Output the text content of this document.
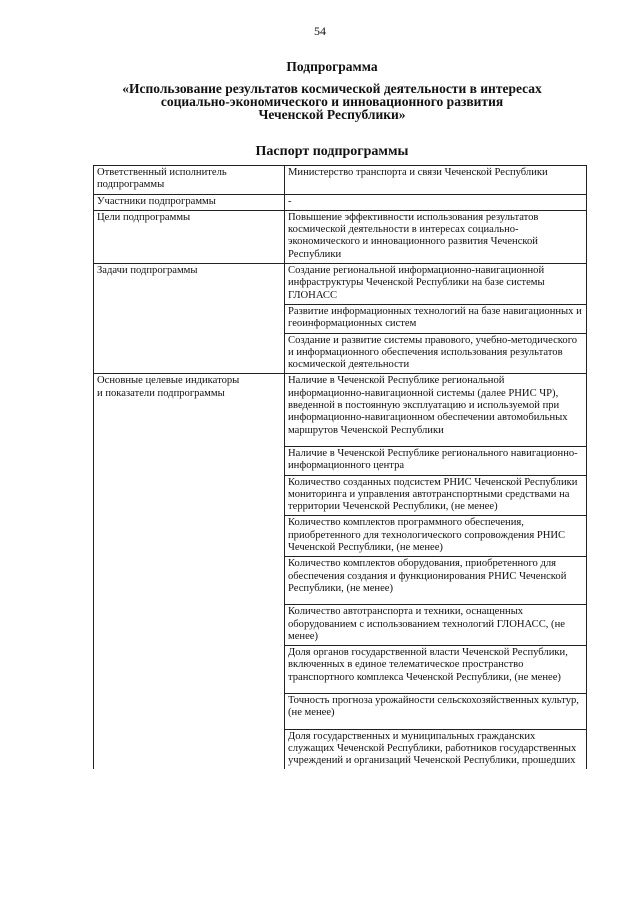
54
Подпрограмма
«Использование результатов космической деятельности в интересах
социально-экономического и инновационного развития
Чеченской Республики»
Паспорт подпрограммы
Ответственный исполнитель
подпрограммы	Министерство транспорта и связи Чеченской Республики
Участники подпрограммы	-
Цели подпрограммы	Повышение эффективности использования результатов космической деятельности в интересах социально-экономического и инновационного развития Чеченской Республики
Задачи подпрограммы	Создание региональной информационно-навигационной инфраструктуры Чеченской Республики на базе системы ГЛОНАСС
	Развитие информационных технологий на базе навигационных и геоинформационных систем
	Создание и развитие системы правового, учебно-методического и информационного обеспечения использования результатов космической деятельности
Основные целевые индикаторы
и показатели подпрограммы	Наличие в Чеченской Республике региональной информационно-навигационной системы (далее РНИС ЧР), введенной в постоянную эксплуатацию и используемой при информационно-навигационном обеспечении автомобильных маршрутов Чеченской Республики
	Наличие в Чеченской Республике регионального навигационно-информационного центра
	Количество созданных подсистем РНИС Чеченской Республики мониторинга и управления автотранспортными средствами на территории Чеченской Республики, (не менее)
	Количество комплектов программного обеспечения, приобретенного для технологического сопровождения РНИС Чеченской Республики, (не менее)
	Количество комплектов оборудования, приобретенного для обеспечения создания и функционирования РНИС Чеченской Республики, (не менее)
	Количество автотранспорта и техники, оснащенных оборудованием с использованием технологий ГЛОНАСС, (не менее)
	Доля органов государственной власти Чеченской Республики, включенных в единое телематическое пространство транспортного комплекса Чеченской Республики, (не менее)
	Точность прогноза урожайности сельскохозяйственных культур, (не менее)
	Доля государственных и муниципальных гражданских служащих Чеченской Республики, работников государственных учреждений и организаций Чеченской Республики, прошедших
